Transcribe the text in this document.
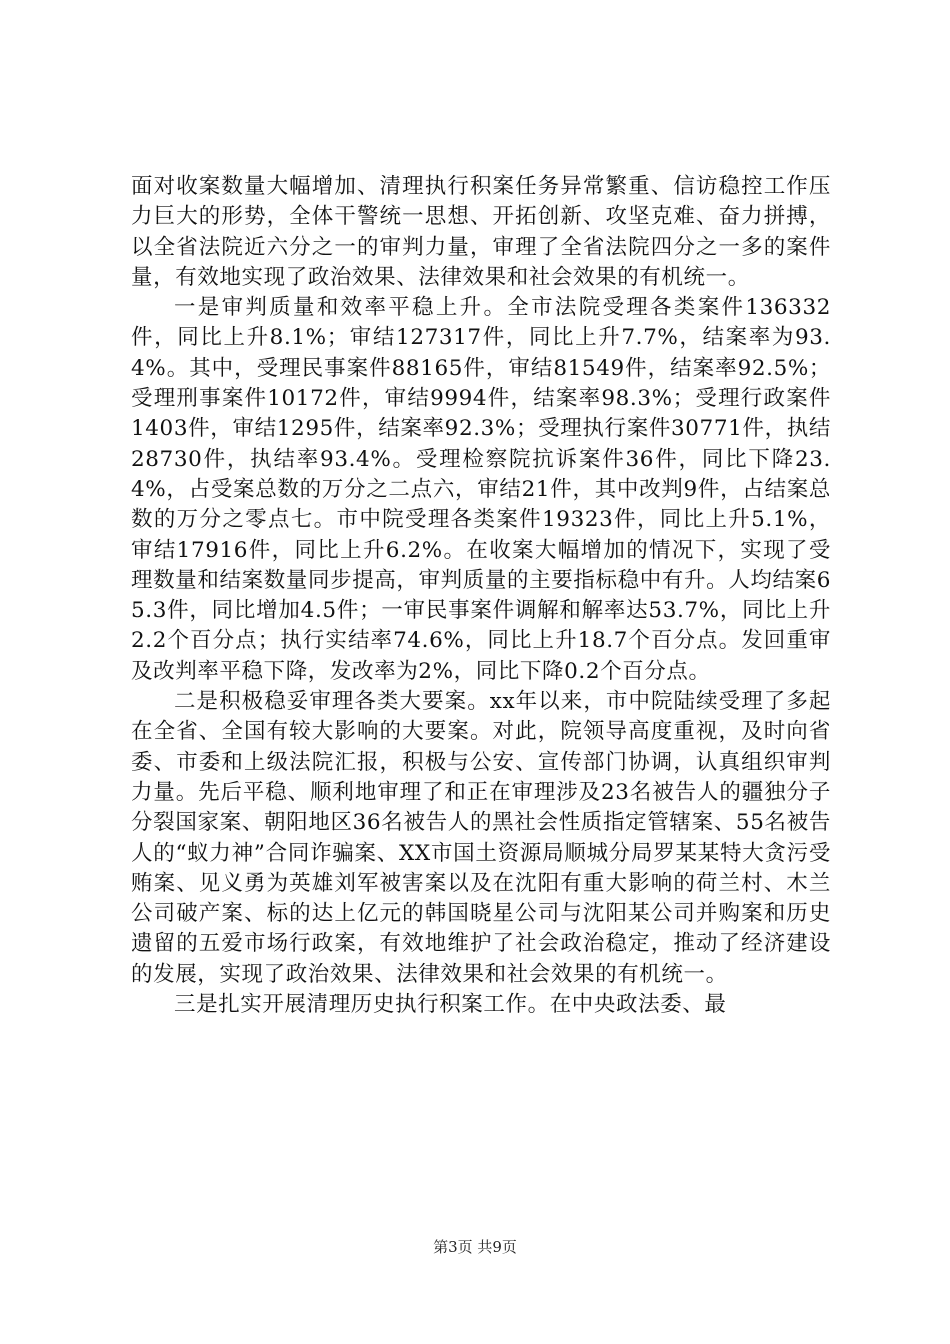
面对收案数量大幅增加、清理执行积案任务异常繁重、信访稳控工作压力巨大的形势，全体干警统一思想、开拓创新、攻坚克难、奋力拼搏，以全省法院近六分之一的审判力量，审理了全省法院四分之一多的案件量，有效地实现了政治效果、法律效果和社会效果的有机统一。

一是审判质量和效率平稳上升。全市法院受理各类案件136332件，同比上升8.1%；审结127317件，同比上升7.7%，结案率为93.4%。其中，受理民事案件88165件，审结81549件，结案率92.5%；受理刑事案件10172件，审结9994件，结案率98.3%；受理行政案件1403件，审结1295件，结案率92.3%；受理执行案件30771件，执结28730件，执结率93.4%。受理检察院抗诉案件36件，同比下降23.4%，占受案总数的万分之二点六，审结21件，其中改判9件，占结案总数的万分之零点七。市中院受理各类案件19323件，同比上升5.1%，审结17916件，同比上升6.2%。在收案大幅增加的情况下，实现了受理数量和结案数量同步提高，审判质量的主要指标稳中有升。人均结案65.3件，同比增加4.5件；一审民事案件调解和解率达53.7%，同比上升2.2个百分点；执行实结率74.6%，同比上升18.7个百分点。发回重审及改判率平稳下降，发改率为2%，同比下降0.2个百分点。

二是积极稳妥审理各类大要案。xx年以来，市中院陆续受理了多起在全省、全国有较大影响的大要案。对此，院领导高度重视，及时向省委、市委和上级法院汇报，积极与公安、宣传部门协调，认真组织审判力量。先后平稳、顺利地审理了和正在审理涉及23名被告人的疆独分子分裂国家案、朝阳地区36名被告人的黑社会性质指定管辖案、55名被告人的“蚁力神”合同诈骗案、XX市国土资源局顺城分局罗某某特大贪污受贿案、见义勇为英雄刘军被害案以及在沈阳有重大影响的荷兰村、木兰公司破产案、标的达上亿元的韩国晓星公司与沈阳某公司并购案和历史遗留的五爱市场行政案，有效地维护了社会政治稳定，推动了经济建设的发展，实现了政治效果、法律效果和社会效果的有机统一。

三是扎实开展清理历史执行积案工作。在中央政法委、最

第3页 共9页
